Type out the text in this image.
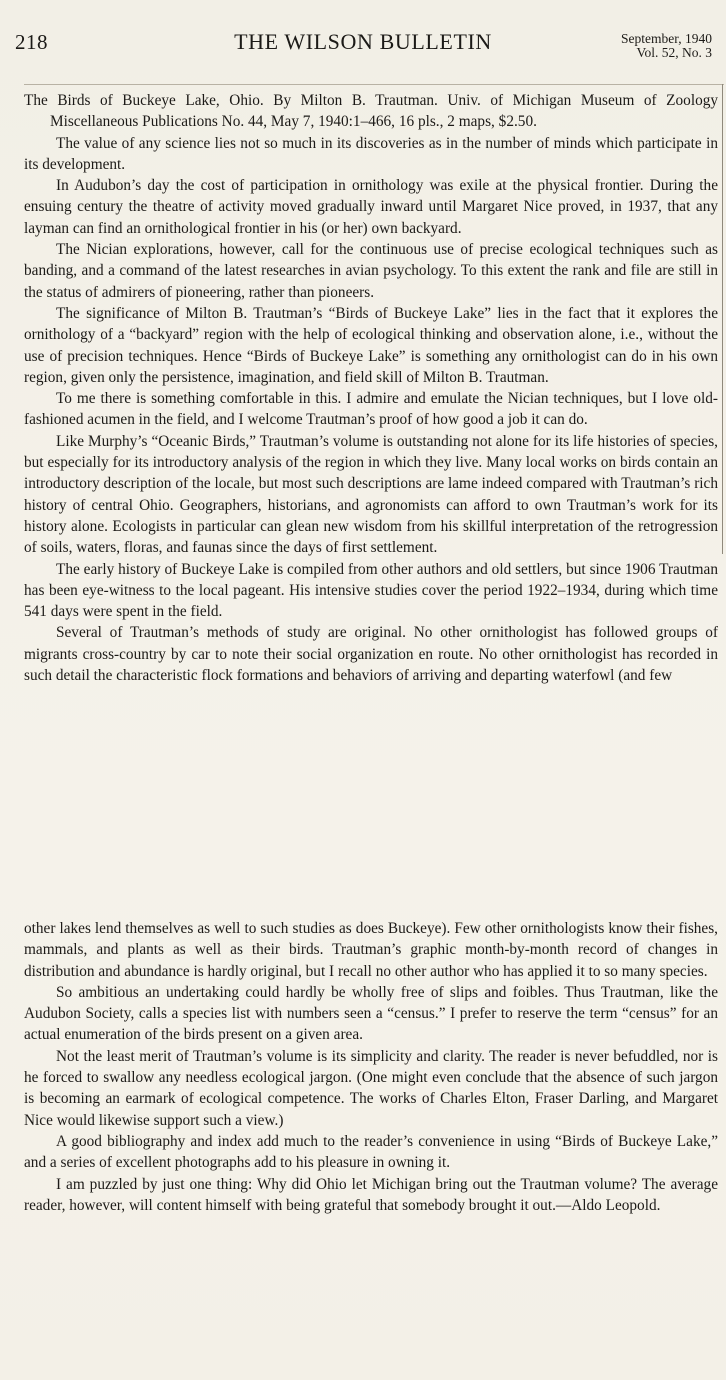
218	THE WILSON BULLETIN	September, 1940
Vol. 52, No. 3

The Birds of Buckeye Lake, Ohio. By Milton B. Trautman. Univ. of Michigan Museum of Zoology Miscellaneous Publications No. 44, May 7, 1940:1–466, 16 pls., 2 maps, $2.50.

The value of any science lies not so much in its discoveries as in the number of minds which participate in its development.

In Audubon’s day the cost of participation in ornithology was exile at the physical frontier. During the ensuing century the theatre of activity moved gradually inward until Margaret Nice proved, in 1937, that any layman can find an ornithological frontier in his (or her) own backyard.

The Nician explorations, however, call for the continuous use of precise ecological techniques such as banding, and a command of the latest researches in avian psychology. To this extent the rank and file are still in the status of admirers of pioneering, rather than pioneers.

The significance of Milton B. Trautman’s “Birds of Buckeye Lake” lies in the fact that it explores the ornithology of a “backyard” region with the help of ecological thinking and observation alone, i.e., without the use of precision techniques. Hence “Birds of Buckeye Lake” is something any ornithologist can do in his own region, given only the persistence, imagination, and field skill of Milton B. Trautman.

To me there is something comfortable in this. I admire and emulate the Nician techniques, but I love old-fashioned acumen in the field, and I welcome Trautman’s proof of how good a job it can do.

Like Murphy’s “Oceanic Birds,” Trautman’s volume is outstanding not alone for its life histories of species, but especially for its introductory analysis of the region in which they live. Many local works on birds contain an introductory description of the locale, but most such descriptions are lame indeed compared with Trautman’s rich history of central Ohio. Geographers, historians, and agronomists can afford to own Trautman’s work for its history alone. Ecologists in particular can glean new wisdom from his skillful interpretation of the retrogression of soils, waters, floras, and faunas since the days of first settlement.

The early history of Buckeye Lake is compiled from other authors and old settlers, but since 1906 Trautman has been eye-witness to the local pageant. His intensive studies cover the period 1922–1934, during which time 541 days were spent in the field.

Several of Trautman’s methods of study are original. No other ornithologist has followed groups of migrants cross-country by car to note their social organization en route. No other ornithologist has recorded in such detail the characteristic flock formations and behaviors of arriving and departing waterfowl (and few

other lakes lend themselves as well to such studies as does Buckeye). Few other ornithologists know their fishes, mammals, and plants as well as their birds. Trautman’s graphic month-by-month record of changes in distribution and abundance is hardly original, but I recall no other author who has applied it to so many species.

So ambitious an undertaking could hardly be wholly free of slips and foibles. Thus Trautman, like the Audubon Society, calls a species list with numbers seen a “census.” I prefer to reserve the term “census” for an actual enumeration of the birds present on a given area.

Not the least merit of Trautman’s volume is its simplicity and clarity. The reader is never befuddled, nor is he forced to swallow any needless ecological jargon. (One might even conclude that the absence of such jargon is becoming an earmark of ecological competence. The works of Charles Elton, Fraser Darling, and Margaret Nice would likewise support such a view.)

A good bibliography and index add much to the reader’s convenience in using “Birds of Buckeye Lake,” and a series of excellent photographs add to his pleasure in owning it.

I am puzzled by just one thing: Why did Ohio let Michigan bring out the Trautman volume? The average reader, however, will content himself with being grateful that somebody brought it out.—Aldo Leopold.
